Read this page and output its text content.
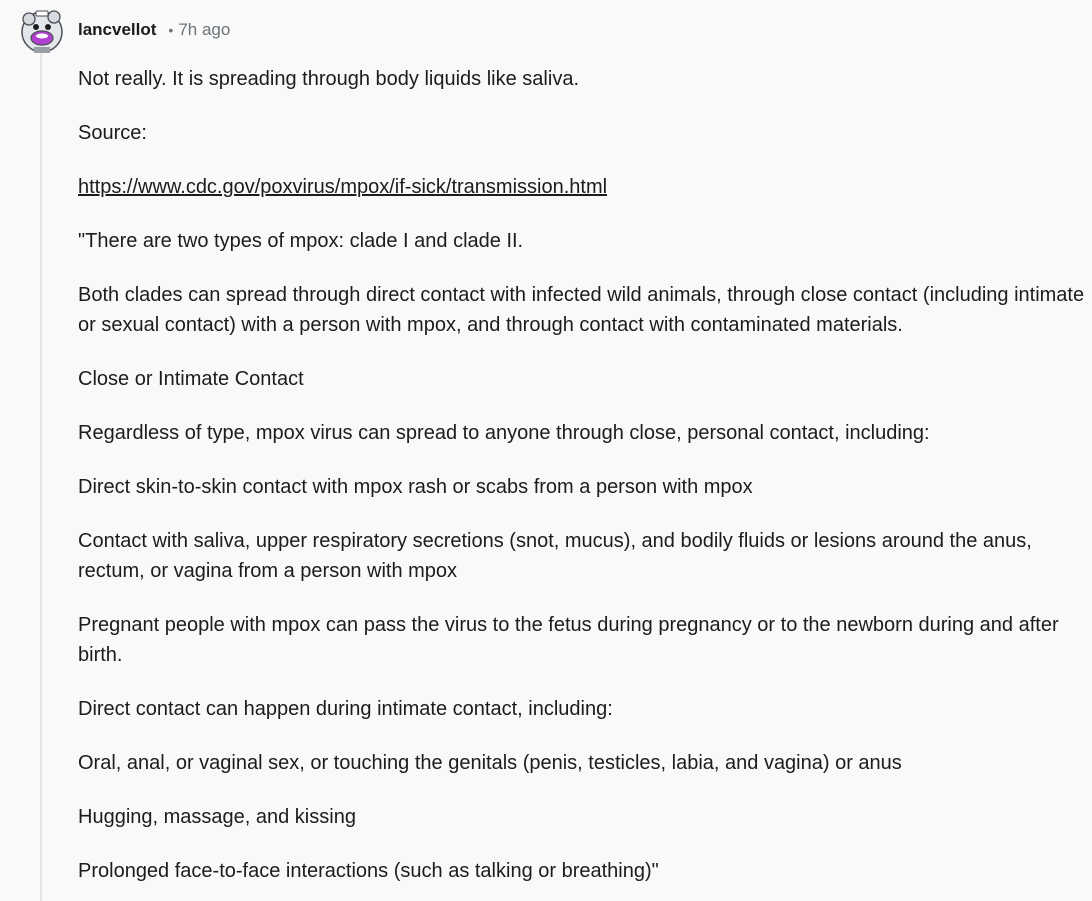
lancvellot • 7h ago

Not really. It is spreading through body liquids like saliva.

Source:

https://www.cdc.gov/poxvirus/mpox/if-sick/transmission.html

"There are two types of mpox: clade I and clade II.

Both clades can spread through direct contact with infected wild animals, through close contact (including intimate or sexual contact) with a person with mpox, and through contact with contaminated materials.

Close or Intimate Contact

Regardless of type, mpox virus can spread to anyone through close, personal contact, including:

Direct skin-to-skin contact with mpox rash or scabs from a person with mpox

Contact with saliva, upper respiratory secretions (snot, mucus), and bodily fluids or lesions around the anus, rectum, or vagina from a person with mpox

Pregnant people with mpox can pass the virus to the fetus during pregnancy or to the newborn during and after birth.

Direct contact can happen during intimate contact, including:

Oral, anal, or vaginal sex, or touching the genitals (penis, testicles, labia, and vagina) or anus

Hugging, massage, and kissing

Prolonged face-to-face interactions (such as talking or breathing)"
